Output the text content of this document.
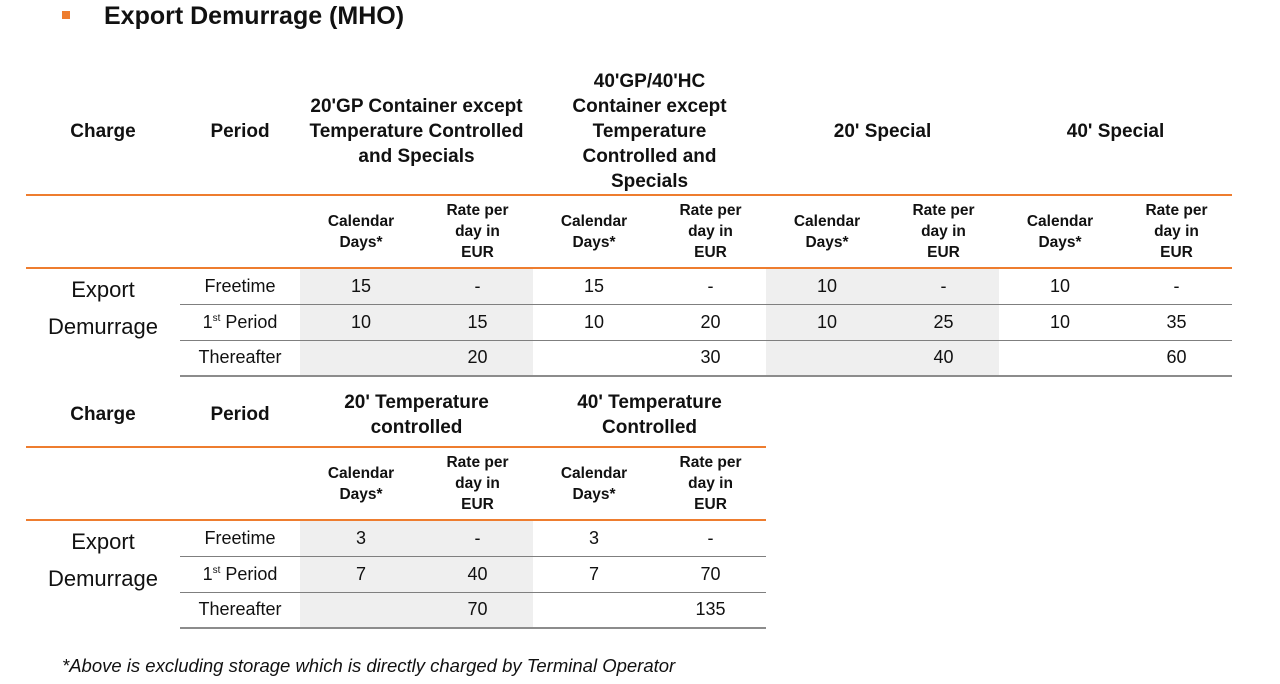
Export Demurrage (MHO)
Charge	Period	20'GP Container except Temperature Controlled and Specials		40'GP/40'HC Container except Temperature Controlled and Specials		20' Special		40' Special	
		Calendar Days*	Rate per day in EUR	Calendar Days*	Rate per day in EUR	Calendar Days*	Rate per day in EUR	Calendar Days*	Rate per day in EUR
Export Demurrage	Freetime	15	-	15	-	10	-	10	-
	1st Period	10	15	10	20	10	25	10	35
	Thereafter		20		30		40		60
Charge	Period	20' Temperature controlled		40' Temperature Controlled	
		Calendar Days*	Rate per day in EUR	Calendar Days*	Rate per day in EUR
Export Demurrage	Freetime	3	-	3	-
	1st Period	7	40	7	70
	Thereafter		70		135
*Above is excluding storage which is directly charged by Terminal Operator
